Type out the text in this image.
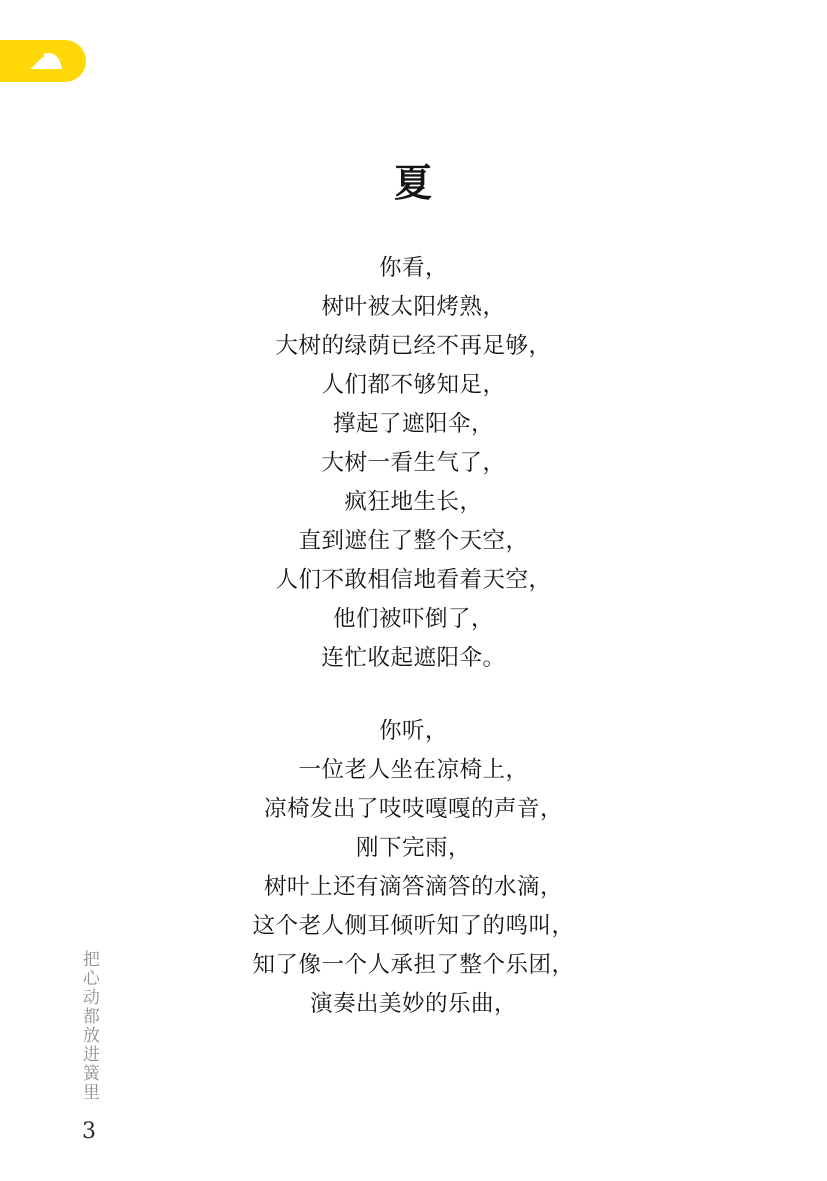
夏
你看，
树叶被太阳烤熟，
大树的绿荫已经不再足够，
人们都不够知足，
撑起了遮阳伞，
大树一看生气了，
疯狂地生长，
直到遮住了整个天空，
人们不敢相信地看着天空，
他们被吓倒了，
连忙收起遮阳伞。
你听，
一位老人坐在凉椅上，
凉椅发出了吱吱嘎嘎的声音，
刚下完雨，
树叶上还有滴答滴答的水滴，
这个老人侧耳倾听知了的鸣叫，
知了像一个人承担了整个乐团，
演奏出美妙的乐曲，
把心动都放进簧里
3
